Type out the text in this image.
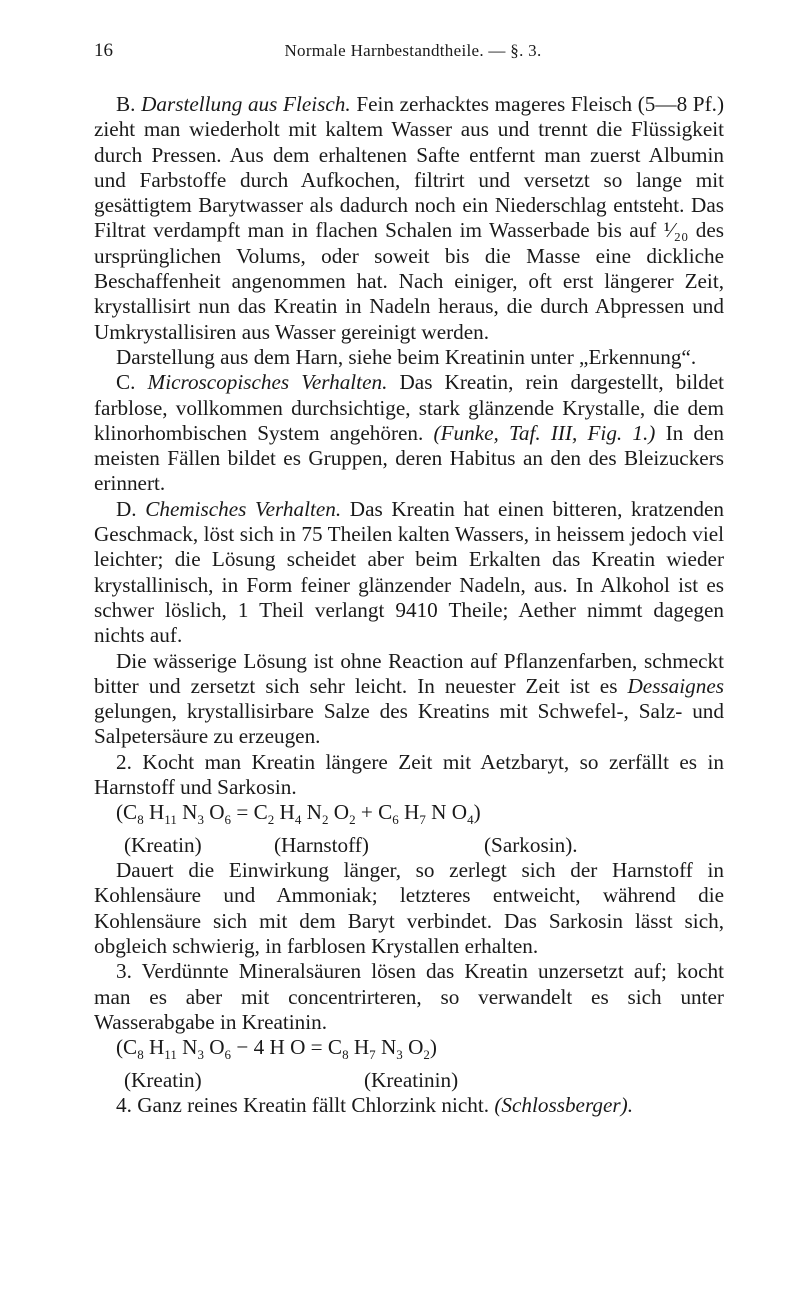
16	Normale Harnbestandtheile. — §. 3.

B. Darstellung aus Fleisch. Fein zerhacktes mageres Fleisch (5—8 Pf.) zieht man wiederholt mit kaltem Wasser aus und trennt die Flüssigkeit durch Pressen. Aus dem erhaltenen Safte entfernt man zuerst Albumin und Farbstoffe durch Aufkochen, filtrirt und versetzt so lange mit gesättigtem Barytwasser als dadurch noch ein Niederschlag entsteht. Das Filtrat verdampft man in flachen Schalen im Wasserbade bis auf ¹⁄₂₀ des ursprünglichen Volums, oder soweit bis die Masse eine dickliche Beschaffenheit angenommen hat. Nach einiger, oft erst längerer Zeit, krystallisirt nun das Kreatin in Nadeln heraus, die durch Abpressen und Umkrystallisiren aus Wasser gereinigt werden.

Darstellung aus dem Harn, siehe beim Kreatinin unter „Erkennung“.

C. Microscopisches Verhalten. Das Kreatin, rein dargestellt, bildet farblose, vollkommen durchsichtige, stark glänzende Krystalle, die dem klinorhombischen System angehören. (Funke, Taf. III, Fig. 1.) In den meisten Fällen bildet es Gruppen, deren Habitus an den des Bleizuckers erinnert.

D. Chemisches Verhalten. Das Kreatin hat einen bitteren, kratzenden Geschmack, löst sich in 75 Theilen kalten Wassers, in heissem jedoch viel leichter; die Lösung scheidet aber beim Erkalten das Kreatin wieder krystallinisch, in Form feiner glänzender Nadeln, aus. In Alkohol ist es schwer löslich, 1 Theil verlangt 9410 Theile; Aether nimmt dagegen nichts auf.

Die wässerige Lösung ist ohne Reaction auf Pflanzenfarben, schmeckt bitter und zersetzt sich sehr leicht. In neuester Zeit ist es Dessaignes gelungen, krystallisirbare Salze des Kreatins mit Schwefel-, Salz- und Salpetersäure zu erzeugen.

2. Kocht man Kreatin längere Zeit mit Aetzbaryt, so zerfällt es in Harnstoff und Sarkosin.

($C_8$ $H_{11}$ $N_3$ $O_6 = C_2$ $H_4$ $N_2$ $O_2 + C_6$ $H_7$ N $O_4$)
(Kreatin)	(Harnstoff)	(Sarkosin).

Dauert die Einwirkung länger, so zerlegt sich der Harnstoff in Kohlensäure und Ammoniak; letzteres entweicht, während die Kohlensäure sich mit dem Baryt verbindet. Das Sarkosin lässt sich, obgleich schwierig, in farblosen Krystallen erhalten.

3. Verdünnte Mineralsäuren lösen das Kreatin unzersetzt auf; kocht man es aber mit concentrirteren, so verwandelt es sich unter Wasserabgabe in Kreatinin.

($C_8$ $H_{11}$ $N_3$ $O_6 - 4$ H $O = C_8$ $H_7$ $N_3$ $O_2$)
(Kreatin)	(Kreatinin)

4. Ganz reines Kreatin fällt Chlorzink nicht. (Schlossberger).
